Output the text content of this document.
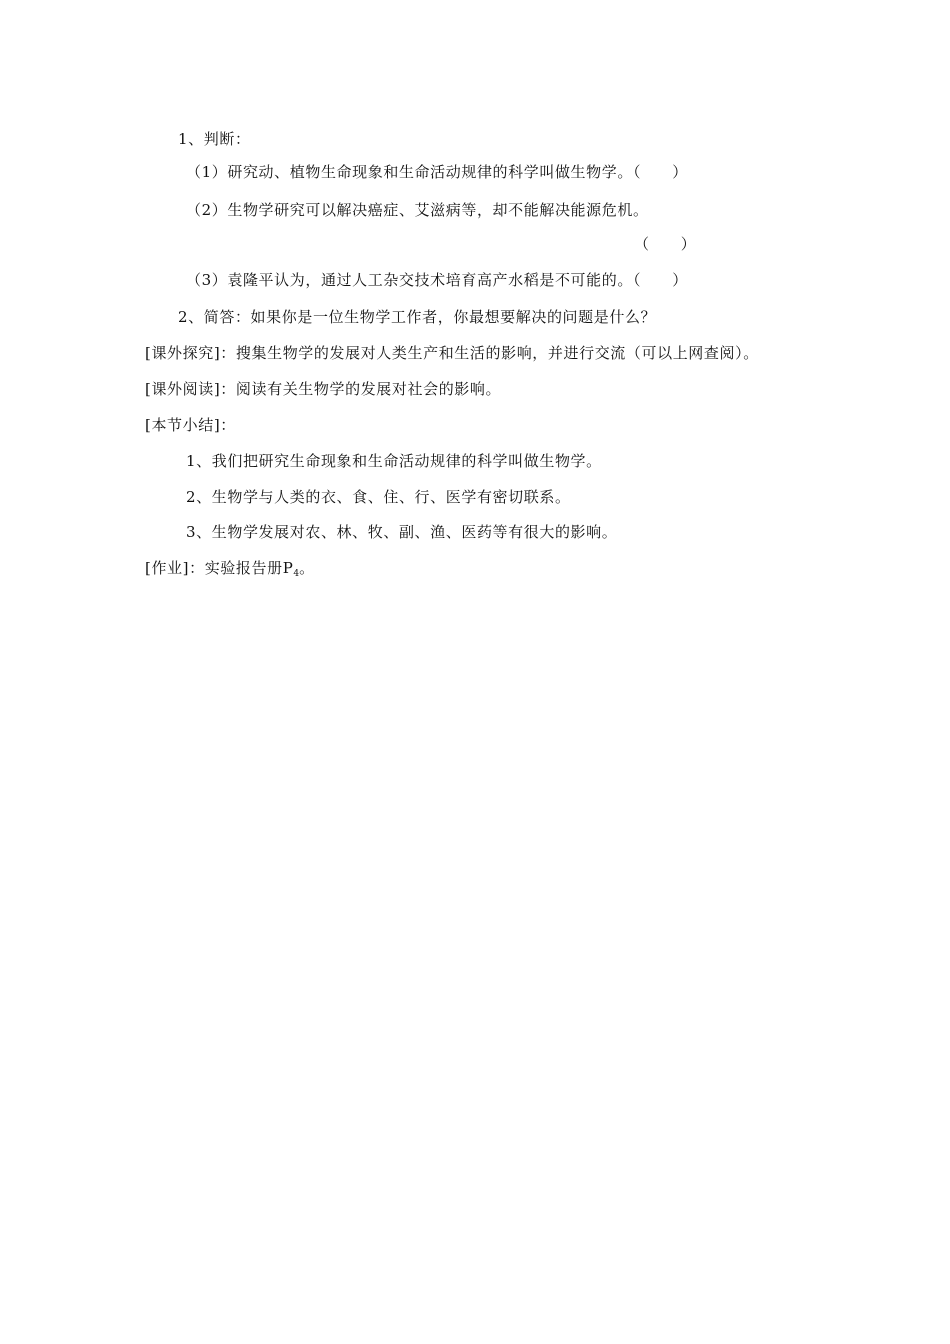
1、判断：
（1）研究动、植物生命现象和生命活动规律的科学叫做生物学。（　　）
（2）生物学研究可以解决癌症、艾滋病等，却不能解决能源危机。
（　　）
（3）袁隆平认为，通过人工杂交技术培育高产水稻是不可能的。（　　）
2、简答：如果你是一位生物学工作者，你最想要解决的问题是什么？
[课外探究]：搜集生物学的发展对人类生产和生活的影响，并进行交流（可以上网查阅）。
[课外阅读]：阅读有关生物学的发展对社会的影响。
[本节小结]：
1、我们把研究生命现象和生命活动规律的科学叫做生物学。
2、生物学与人类的衣、食、住、行、医学有密切联系。
3、生物学发展对农、林、牧、副、渔、医药等有很大的影响。
[作业]：实验报告册$P_4$。
